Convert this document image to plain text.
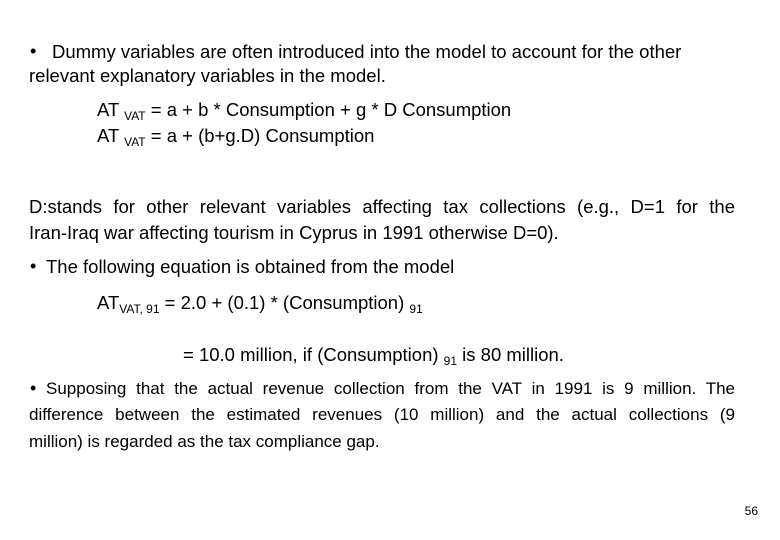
• Dummy variables are often introduced into the model to account for the other
relevant explanatory variables in the model.
AT $_{VAT}$ = a + b * Consumption + g * D Consumption
AT $_{VAT}$ = a + (b+g.D) Consumption
D:stands for other relevant variables affecting tax collections (e.g., D=1 for the
Iran-Iraq war affecting tourism in Cyprus in 1991 otherwise D=0).
• The following equation is obtained from the model
$AT_{VAT, 91} = 2.0 + (0.1)$ * (Consumption) $_{91}$
= 10.0 million, if (Consumption) $_{91}$ is 80 million.
• Supposing that the actual revenue collection from the VAT in 1991 is 9 million. The
difference between the estimated revenues (10 million) and the actual collections (9
million) is regarded as the tax compliance gap.
56
